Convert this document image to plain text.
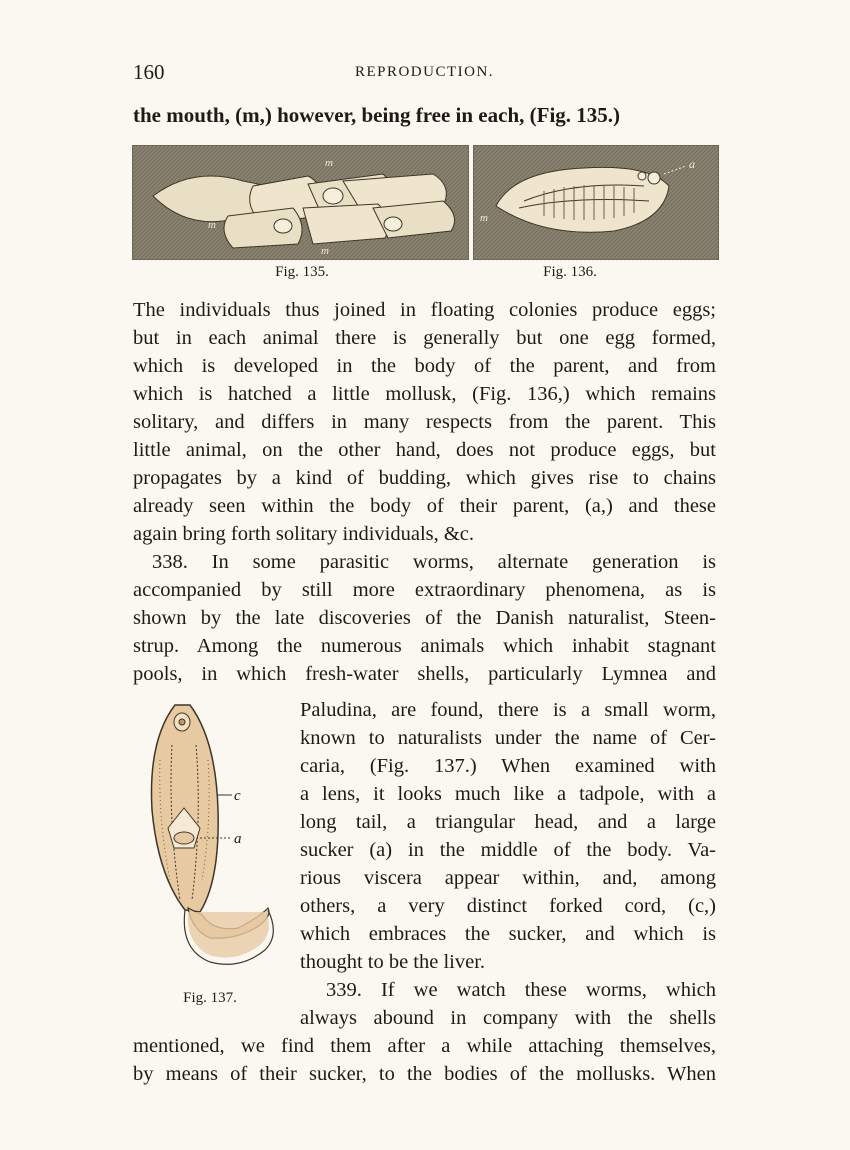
160	REPRODUCTION.
the mouth, (m,) however, being free in each, (Fig. 135.)
m
m
m
Fig. 135.
a
m
Fig. 136.
The individuals thus joined in floating colonies produce eggs;
but in each animal there is generally but one egg formed,
which is developed in the body of the parent, and from
which is hatched a little mollusk, (Fig. 136,) which remains
solitary, and differs in many respects from the parent. This
little animal, on the other hand, does not produce eggs, but
propagates by a kind of budding, which gives rise to chains
already seen within the body of their parent, (a,) and these
again bring forth solitary individuals, &c.
338. In some parasitic worms, alternate generation is
accompanied by still more extraordinary phenomena, as is
shown by the late discoveries of the Danish naturalist, Steen-
strup. Among the numerous animals which inhabit stagnant
pools, in which fresh-water shells, particularly Lymnea and
c
a
Fig. 137.
Paludina, are found, there is a small worm,
known to naturalists under the name of Cer-
caria, (Fig. 137.) When examined with
a lens, it looks much like a tadpole, with a
long tail, a triangular head, and a large
sucker (a) in the middle of the body. Va-
rious viscera appear within, and, among
others, a very distinct forked cord, (c,)
which embraces the sucker, and which is
thought to be the liver.
339. If we watch these worms, which
always abound in company with the shells
mentioned, we find them after a while attaching themselves,
by means of their sucker, to the bodies of the mollusks. When
